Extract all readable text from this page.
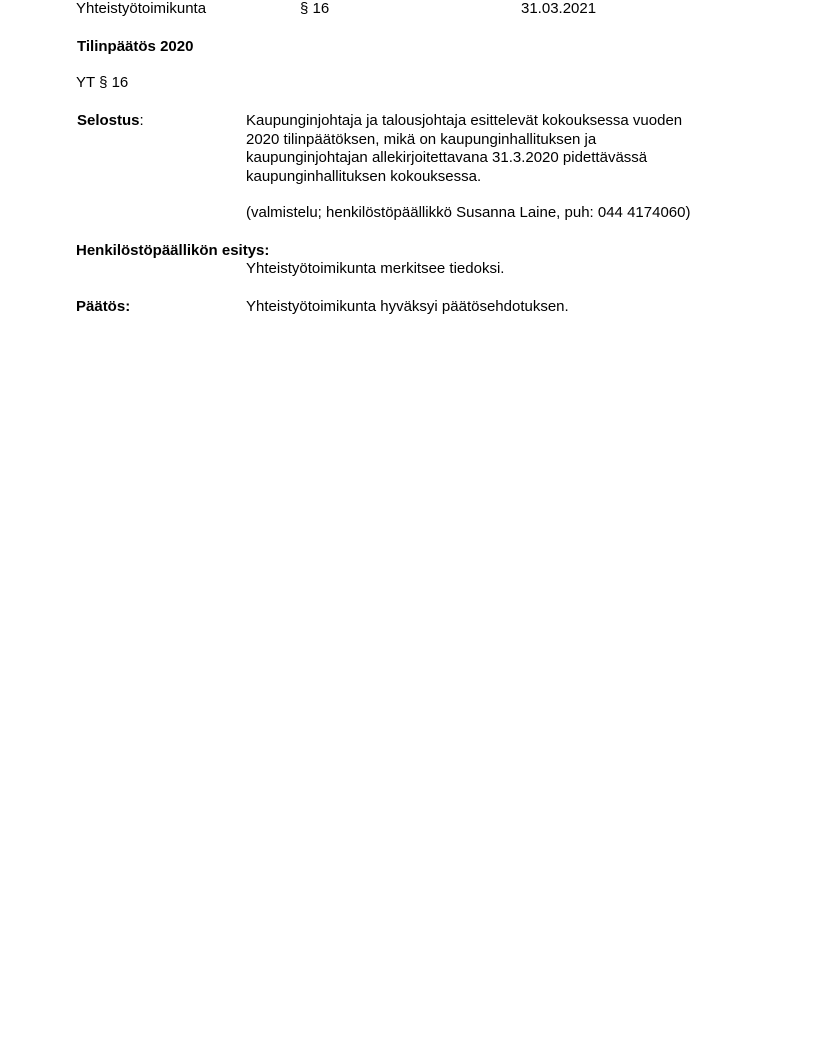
Yhteistyötoimikunta	§ 16	31.03.2021
Tilinpäätös 2020
YT § 16
Selostus:	Kaupunginjohtaja ja talousjohtaja esittelevät kokouksessa vuoden
2020 tilinpäätöksen, mikä on kaupunginhallituksen ja
kaupunginjohtajan allekirjoitettavana 31.3.2020 pidettävässä
kaupunginhallituksen kokouksessa.
(valmistelu; henkilöstöpäällikkö Susanna Laine, puh: 044 4174060)
Henkilöstöpäällikön esitys:
Yhteistyötoimikunta merkitsee tiedoksi.
Päätös:	Yhteistyötoimikunta hyväksyi päätösehdotuksen.
